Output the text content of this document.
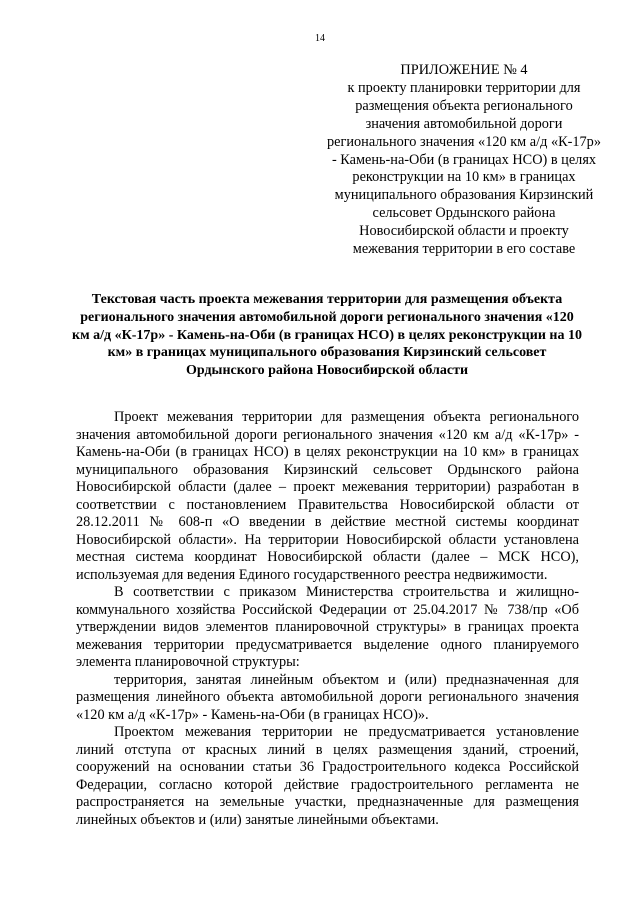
14
ПРИЛОЖЕНИЕ № 4
к проекту планировки территории для
размещения объекта регионального
значения автомобильной дороги
регионального значения «120 км а/д «К-17р»
- Камень-на-Оби (в границах НСО) в целях
реконструкции на 10 км» в границах
муниципального образования Кирзинский
сельсовет Ордынского района
Новосибирской области и проекту
межевания территории в его составе
Текстовая часть проекта межевания территории для размещения объекта регионального значения автомобильной дороги регионального значения «120 км а/д «К-17р» - Камень-на-Оби (в границах НСО) в целях реконструкции на 10 км» в границах муниципального образования Кирзинский сельсовет Ордынского района Новосибирской области

Проект межевания территории для размещения объекта регионального значения автомобильной дороги регионального значения «120 км а/д «К-17р» - Камень-на-Оби (в границах НСО) в целях реконструкции на 10 км» в границах муниципального образования Кирзинский сельсовет Ордынского района Новосибирской области (далее – проект межевания территории) разработан в соответствии с постановлением Правительства Новосибирской области от 28.12.2011 № 608-п «О введении в действие местной системы координат Новосибирской области». На территории Новосибирской области установлена местная система координат Новосибирской области (далее – МСК НСО), используемая для ведения Единого государственного реестра недвижимости.

В соответствии с приказом Министерства строительства и жилищно-коммунального хозяйства Российской Федерации от 25.04.2017 № 738/пр «Об утверждении видов элементов планировочной структуры» в границах проекта межевания территории предусматривается выделение одного планируемого элемента планировочной структуры:

территория, занятая линейным объектом и (или) предназначенная для размещения линейного объекта автомобильной дороги регионального значения «120 км а/д «К-17р» - Камень-на-Оби (в границах НСО)».

Проектом межевания территории не предусматривается установление линий отступа от красных линий в целях размещения зданий, строений, сооружений на основании статьи 36 Градостроительного кодекса Российской Федерации, согласно которой действие градостроительного регламента не распространяется на земельные участки, предназначенные для размещения линейных объектов и (или) занятые линейными объектами.
